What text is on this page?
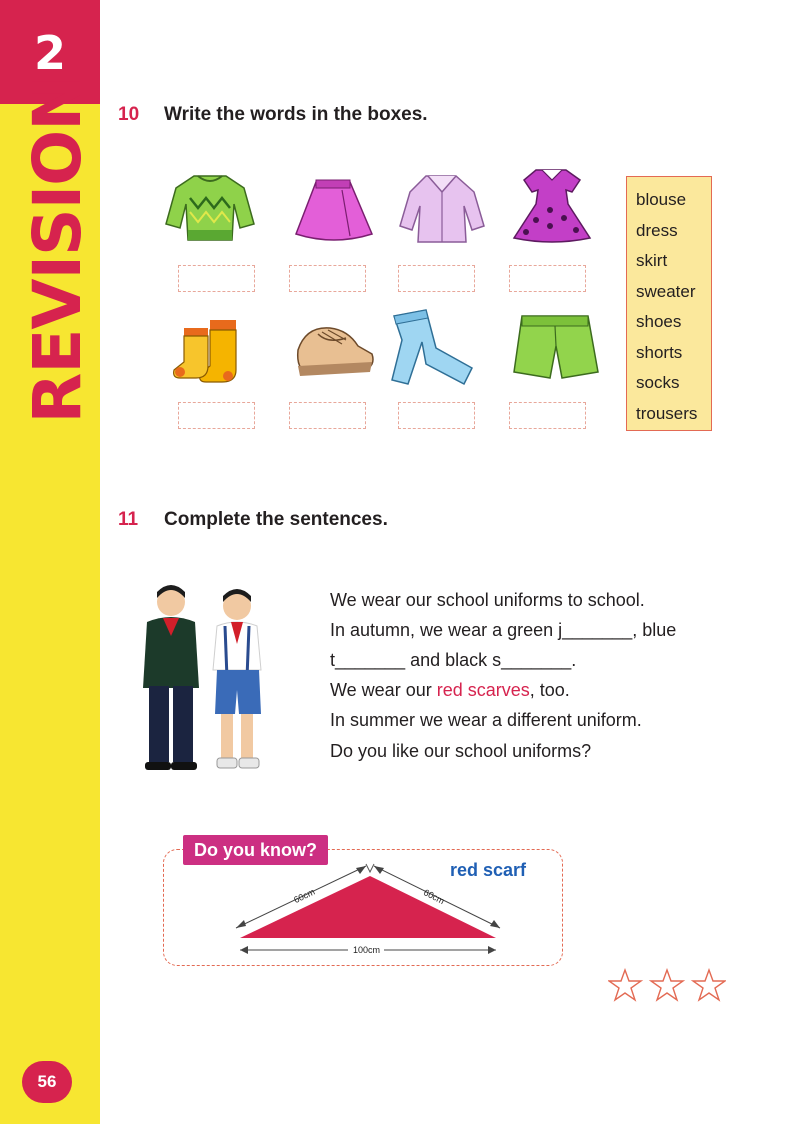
2
REVISION
56
10 Write the words in the boxes.
blouse
dress
skirt
sweater
shoes
shorts
socks
trousers
11 Complete the sentences.
We wear our school uniforms to school.
In autumn, we wear a green j_______, blue
t_______ and black s_______.
We wear our red scarves, too.
In summer we wear a different uniform.
Do you like our school uniforms?
Do you know?
red scarf
60cm	60cm
100cm
